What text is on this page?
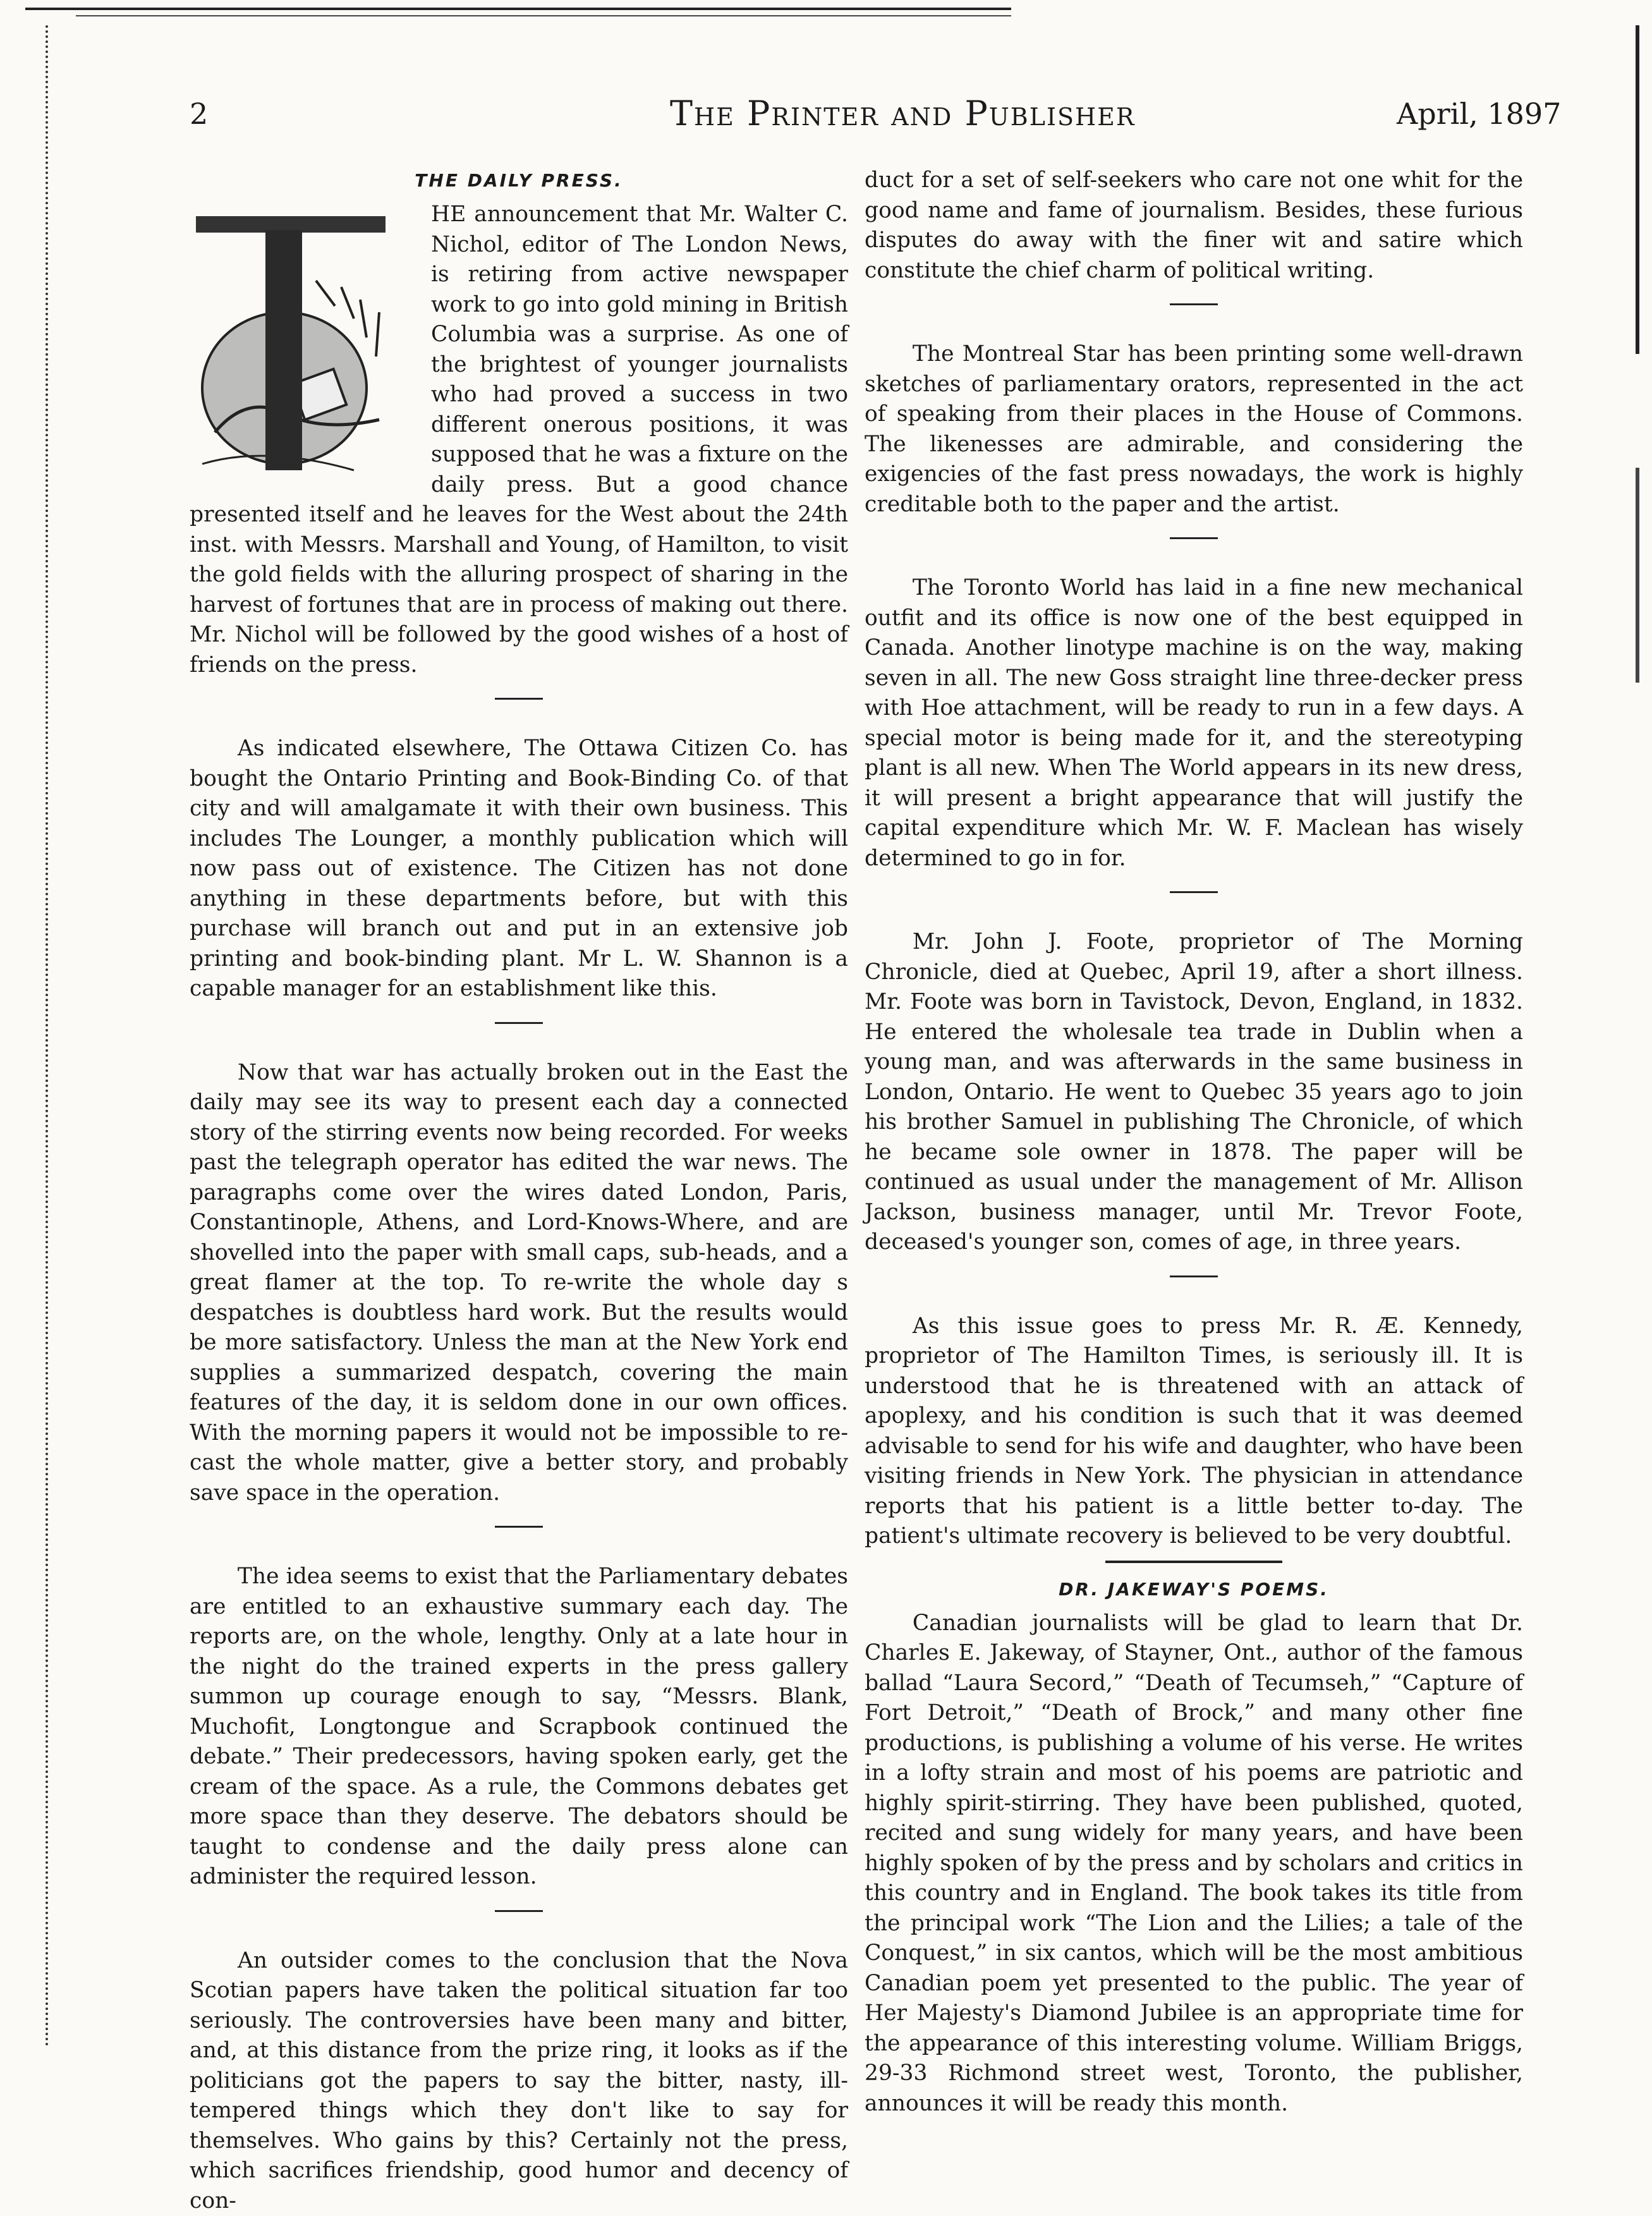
2	The Printer and Publisher	April, 1897
THE DAILY PRESS.

HE announcement that Mr. Walter C. Nichol, editor of The London News, is retiring from active newspaper work to go into gold mining in British Columbia was a surprise. As one of the brightest of younger journalists who had proved a success in two different onerous positions, it was supposed that he was a fixture on the daily press. But a good chance presented itself and he leaves for the West about the 24th inst. with Messrs. Marshall and Young, of Hamilton, to visit the gold fields with the alluring prospect of sharing in the harvest of fortunes that are in process of making out there. Mr. Nichol will be followed by the good wishes of a host of friends on the press.

As indicated elsewhere, The Ottawa Citizen Co. has bought the Ontario Printing and Book-Binding Co. of that city and will amalgamate it with their own business. This includes The Lounger, a monthly publication which will now pass out of existence. The Citizen has not done anything in these departments before, but with this purchase will branch out and put in an extensive job printing and book-binding plant. Mr L. W. Shannon is a capable manager for an establishment like this.

Now that war has actually broken out in the East the daily may see its way to present each day a connected story of the stirring events now being recorded. For weeks past the telegraph operator has edited the war news. The paragraphs come over the wires dated London, Paris, Constantinople, Athens, and Lord-Knows-Where, and are shovelled into the paper with small caps, sub-heads, and a great flamer at the top. To re-write the whole day s despatches is doubtless hard work. But the results would be more satisfactory. Unless the man at the New York end supplies a summarized despatch, covering the main features of the day, it is seldom done in our own offices. With the morning papers it would not be impossible to re-cast the whole matter, give a better story, and probably save space in the operation.

The idea seems to exist that the Parliamentary debates are entitled to an exhaustive summary each day. The reports are, on the whole, lengthy. Only at a late hour in the night do the trained experts in the press gallery summon up courage enough to say, “Messrs. Blank, Muchofit, Longtongue and Scrapbook continued the debate.” Their predecessors, having spoken early, get the cream of the space. As a rule, the Commons debates get more space than they deserve. The debators should be taught to condense and the daily press alone can administer the required lesson.

An outsider comes to the conclusion that the Nova Scotian papers have taken the political situation far too seriously. The controversies have been many and bitter, and, at this distance from the prize ring, it looks as if the politicians got the papers to say the bitter, nasty, ill-tempered things which they don't like to say for themselves. Who gains by this? Certainly not the press, which sacrifices friendship, good humor and decency of con-

duct for a set of self-seekers who care not one whit for the good name and fame of journalism. Besides, these furious disputes do away with the finer wit and satire which constitute the chief charm of political writing.

The Montreal Star has been printing some well-drawn sketches of parliamentary orators, represented in the act of speaking from their places in the House of Commons. The likenesses are admirable, and considering the exigencies of the fast press nowadays, the work is highly creditable both to the paper and the artist.

The Toronto World has laid in a fine new mechanical outfit and its office is now one of the best equipped in Canada. Another linotype machine is on the way, making seven in all. The new Goss straight line three-decker press with Hoe attachment, will be ready to run in a few days. A special motor is being made for it, and the stereotyping plant is all new. When The World appears in its new dress, it will present a bright appearance that will justify the capital expenditure which Mr. W. F. Maclean has wisely determined to go in for.

Mr. John J. Foote, proprietor of The Morning Chronicle, died at Quebec, April 19, after a short illness. Mr. Foote was born in Tavistock, Devon, England, in 1832. He entered the wholesale tea trade in Dublin when a young man, and was afterwards in the same business in London, Ontario. He went to Quebec 35 years ago to join his brother Samuel in publishing The Chronicle, of which he became sole owner in 1878. The paper will be continued as usual under the management of Mr. Allison Jackson, business manager, until Mr. Trevor Foote, deceased's younger son, comes of age, in three years.

As this issue goes to press Mr. R. Æ. Kennedy, proprietor of The Hamilton Times, is seriously ill. It is understood that he is threatened with an attack of apoplexy, and his condition is such that it was deemed advisable to send for his wife and daughter, who have been visiting friends in New York. The physician in attendance reports that his patient is a little better to-day. The patient's ultimate recovery is believed to be very doubtful.

DR. JAKEWAY'S POEMS.

Canadian journalists will be glad to learn that Dr. Charles E. Jakeway, of Stayner, Ont., author of the famous ballad “Laura Secord,” “Death of Tecumseh,” “Capture of Fort Detroit,” “Death of Brock,” and many other fine productions, is publishing a volume of his verse. He writes in a lofty strain and most of his poems are patriotic and highly spirit-stirring. They have been published, quoted, recited and sung widely for many years, and have been highly spoken of by the press and by scholars and critics in this country and in England. The book takes its title from the principal work “The Lion and the Lilies; a tale of the Conquest,” in six cantos, which will be the most ambitious Canadian poem yet presented to the public. The year of Her Majesty's Diamond Jubilee is an appropriate time for the appearance of this interesting volume. William Briggs, 29-33 Richmond street west, Toronto, the publisher, announces it will be ready this month.
